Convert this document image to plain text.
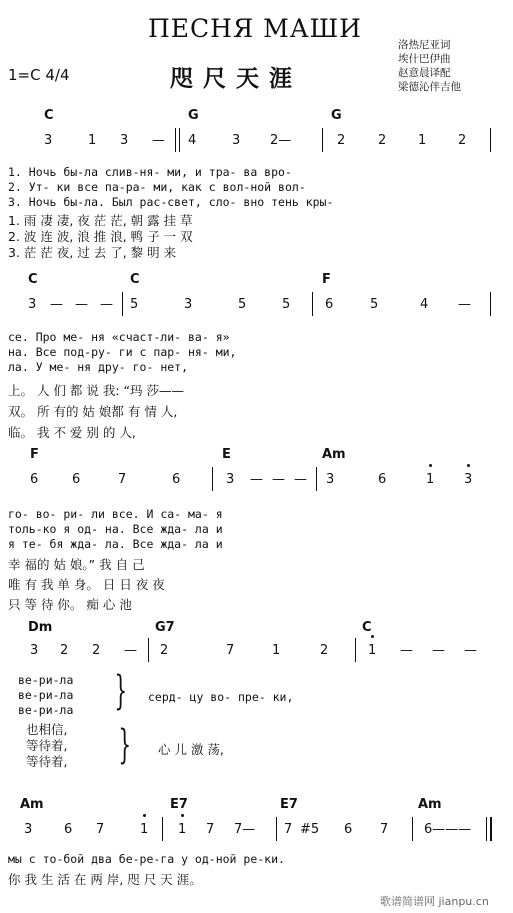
ПЕСНЯ МАШИ
咫尺天涯
1=C 4/4
洛热尼亚词
埃什巴伊曲
赵意晨译配
梁德沁伴吉他
C	G	G
3	1 3 — 4	3 2—	2	2 1 2
1. Ночь бы-ла слив-ня- ми, и тра- ва вро-
2. Ут- ки все па-ра- ми, как с вол-ной вол-
3. Ночь бы-ла. Был рас-свет, сло- вно тень кры-
1. 雨 凄 凄, 夜 茫 茫, 朝 露 挂 草
2. 波 连 波, 浪 推 浪, 鸭 子 一 双
3. 茫 茫 夜, 过 去 了, 黎 明 来
C	C	F
3 — — — 5	3	5	5	6	5	4 —
се. Про ме- ня «счаст-ли- ва- я»
на. Все под-ру- ги с пар- ня- ми,
ла. У ме- ня дру- го- нет,
上。 人 们 都 说 我: “玛 莎——
双。 所 有的 姑 娘都 有 情 人,
临。 我 不 爱 别 的 人,
F	E	Am
6	6	7	6	3 — — — 3	6	1 3
го- во- ри- ли все. И са- ма- я
толь-ко я од- на. Все жда- ла и
я те- бя жда- ла. Все жда- ла и
幸 福的 姑 娘。” 我 自 己
唯 有 我 单 身。 日 日 夜 夜
只 等 待 你。 痴 心 池
Dm	G7	C
3 2 2 — 2	7	1	2	1 — — —
ве-ри-ла
ве-ри-ла
ве-ри-ла } серд- цу во- пре- ки,
也相信,
等待着,
等待着, } 心 儿 激 荡,
Am	E7	E7	Am
3 6 7	1 1 7 7— 7 #5 6 7	6———
мы с то-бой два бе-ре-га у од-ной ре-ки.
你 我 生 活 在 两 岸, 咫 尺 天 涯。
歌谱简谱网 jianpu.cn
